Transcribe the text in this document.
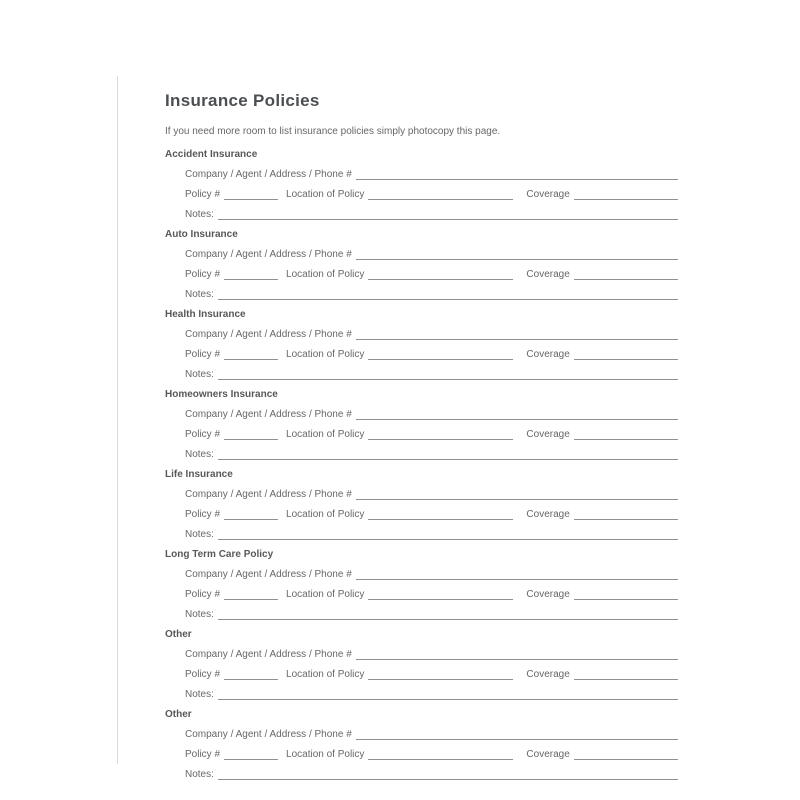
Insurance Policies

If you need more room to list insurance policies simply photocopy this page.

Accident Insurance
Company / Agent / Address / Phone #
Policy #	Location of Policy	Coverage
Notes:
Auto Insurance
Company / Agent / Address / Phone #
Policy #	Location of Policy	Coverage
Notes:
Health Insurance
Company / Agent / Address / Phone #
Policy #	Location of Policy	Coverage
Notes:
Homeowners Insurance
Company / Agent / Address / Phone #
Policy #	Location of Policy	Coverage
Notes:
Life Insurance
Company / Agent / Address / Phone #
Policy #	Location of Policy	Coverage
Notes:
Long Term Care Policy
Company / Agent / Address / Phone #
Policy #	Location of Policy	Coverage
Notes:
Other
Company / Agent / Address / Phone #
Policy #	Location of Policy	Coverage
Notes:
Other
Company / Agent / Address / Phone #
Policy #	Location of Policy	Coverage
Notes:
